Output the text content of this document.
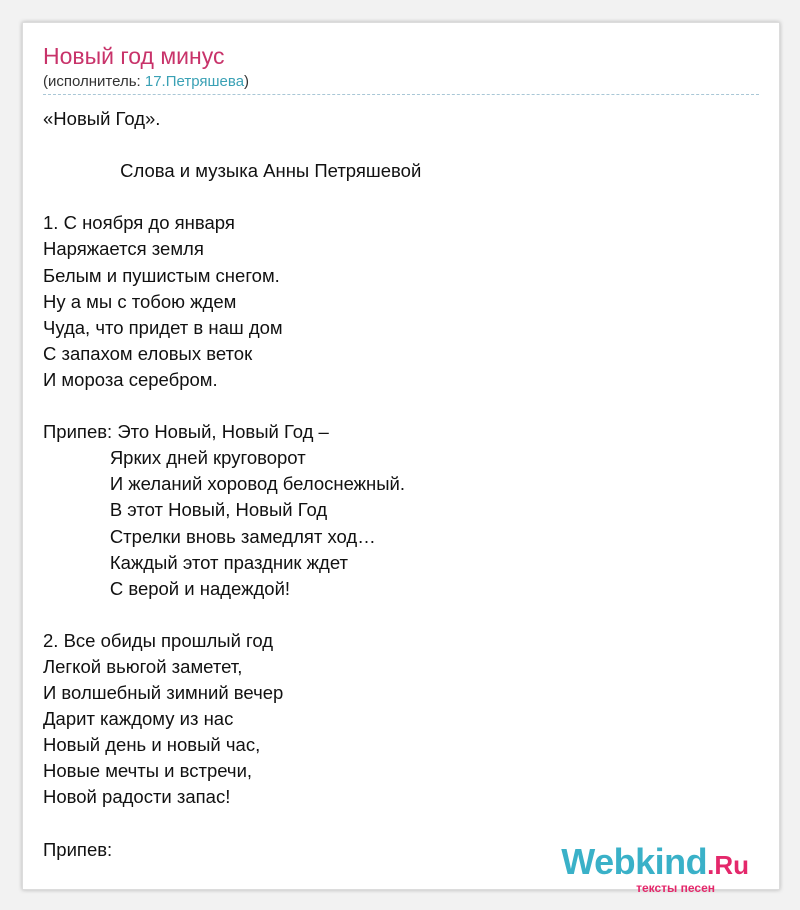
Новый год минус
(исполнитель: 17.Петряшева)
«Новый Год».

Слова и музыка Анны Петряшевой

1. С ноября до января
Наряжается земля
Белым и пушистым снегом.
Ну а мы с тобою ждем
Чуда, что придет в наш дом
С запахом еловых веток
И мороза серебром.

Припев: Это Новый, Новый Год –
Ярких дней круговорот
И желаний хоровод белоснежный.
В этот Новый, Новый Год
Стрелки вновь замедлят ход…
Каждый этот праздник ждет
С верой и надеждой!

2. Все обиды прошлый год
Легкой вьюгой заметет,
И волшебный зимний вечер
Дарит каждому из нас
Новый день и новый час,
Новые мечты и встречи,
Новой радости запас!

Припев:	Webkind.Ru
тексты песен
